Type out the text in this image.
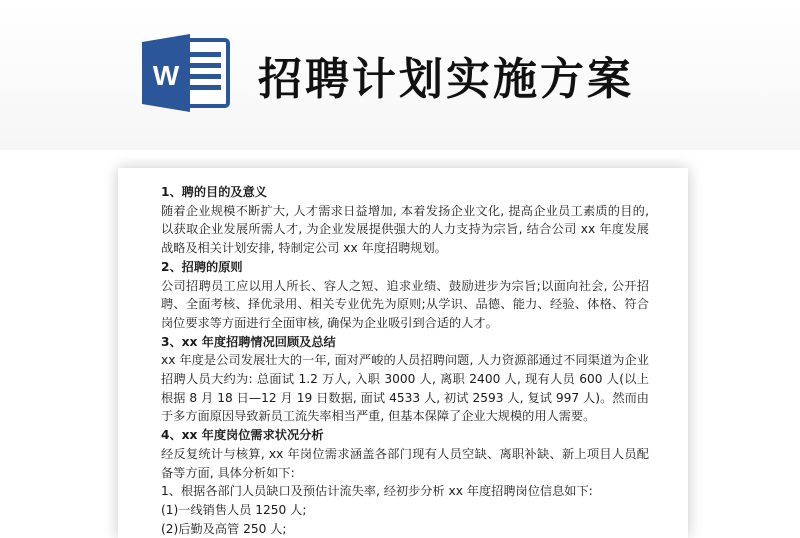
W 招聘计划实施方案

1、聘的目的及意义

随着企业规模不断扩大, 人才需求日益增加, 本着发扬企业文化, 提高企业员工素质的目的, 以获取企业发展所需人才, 为企业发展提供强大的人力支持为宗旨, 结合公司 xx 年度发展战略及相关计划安排, 特制定公司 xx 年度招聘规划。

2、招聘的原则

公司招聘员工应以用人所长、容人之短、追求业绩、鼓励进步为宗旨;以面向社会, 公开招聘、全面考核、择优录用、相关专业优先为原则;从学识、品德、能力、经验、体格、符合岗位要求等方面进行全面审核, 确保为企业吸引到合适的人才。

3、xx 年度招聘情况回顾及总结

xx 年度是公司发展壮大的一年, 面对严峻的人员招聘问题, 人力资源部通过不同渠道为企业招聘人员大约为: 总面试 1.2 万人, 入职 3000 人, 离职 2400 人, 现有人员 600 人(以上根据 8 月 18 日—12 月 19 日数据, 面试 4533 人, 初试 2593 人, 复试 997 人)。然而由于多方面原因导致新员工流失率相当严重, 但基本保障了企业大规模的用人需要。

4、xx 年度岗位需求状况分析

经反复统计与核算, xx 年岗位需求涵盖各部门现有人员空缺、离职补缺、新上项目人员配备等方面, 具体分析如下:

1、根据各部门人员缺口及预估计流失率, 经初步分析 xx 年度招聘岗位信息如下:

(1)一线销售人员 1250 人;

(2)后勤及高管 250 人;
